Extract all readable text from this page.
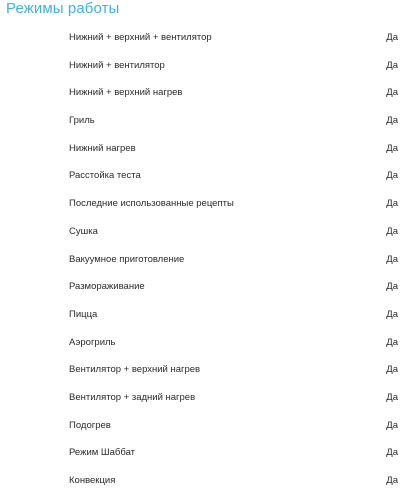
Режимы работы
Нижний + верхний + вентилятор	Да
Нижний + вентилятор	Да
Нижний + верхний нагрев	Да
Гриль	Да
Нижний нагрев	Да
Расстойка теста	Да
Последние использованные рецепты	Да
Сушка	Да
Вакуумное приготовление	Да
Размораживание	Да
Пицца	Да
Аэрогриль	Да
Вентилятор + верхний нагрев	Да
Вентилятор + задний нагрев	Да
Подогрев	Да
Режим Шаббат	Да
Конвекция	Да
